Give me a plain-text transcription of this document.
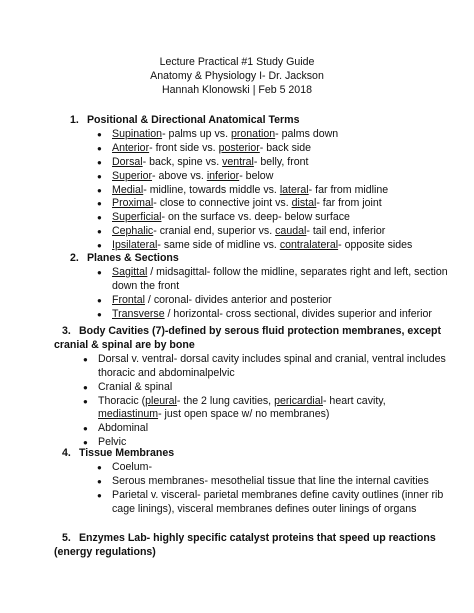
Lecture Practical #1 Study Guide
Anatomy & Physiology I- Dr. Jackson
Hannah Klonowski | Feb 5 2018
1. Positional & Directional Anatomical Terms
● Supination- palms up vs. pronation- palms down
● Anterior- front side vs. posterior- back side
● Dorsal- back, spine vs. ventral- belly, front
● Superior- above vs. inferior- below
● Medial- midline, towards middle vs. lateral- far from midline
● Proximal- close to connective joint vs. distal- far from joint
● Superficial- on the surface vs. deep- below surface
● Cephalic- cranial end, superior vs. caudal- tail end, inferior
● Ipsilateral- same side of midline vs. contralateral- opposite sides
2. Planes & Sections
● Sagittal / midsagittal- follow the midline, separates right and left, section
down the front
● Frontal / coronal- divides anterior and posterior
● Transverse / horizontal- cross sectional, divides superior and inferior
3. Body Cavities (7)-defined by serous fluid protection membranes, except
cranial & spinal are by bone
● Dorsal v. ventral- dorsal cavity includes spinal and cranial, ventral includes
thoracic and abdominalpelvic
● Cranial & spinal
● Thoracic (pleural- the 2 lung cavities, pericardial- heart cavity,
mediastinum- just open space w/ no membranes)
● Abdominal
● Pelvic
4. Tissue Membranes
● Coelum-
● Serous membranes- mesothelial tissue that line the internal cavities
● Parietal v. visceral- parietal membranes define cavity outlines (inner rib
cage linings), visceral membranes defines outer linings of organs
5. Enzymes Lab- highly specific catalyst proteins that speed up reactions
(energy regulations)
